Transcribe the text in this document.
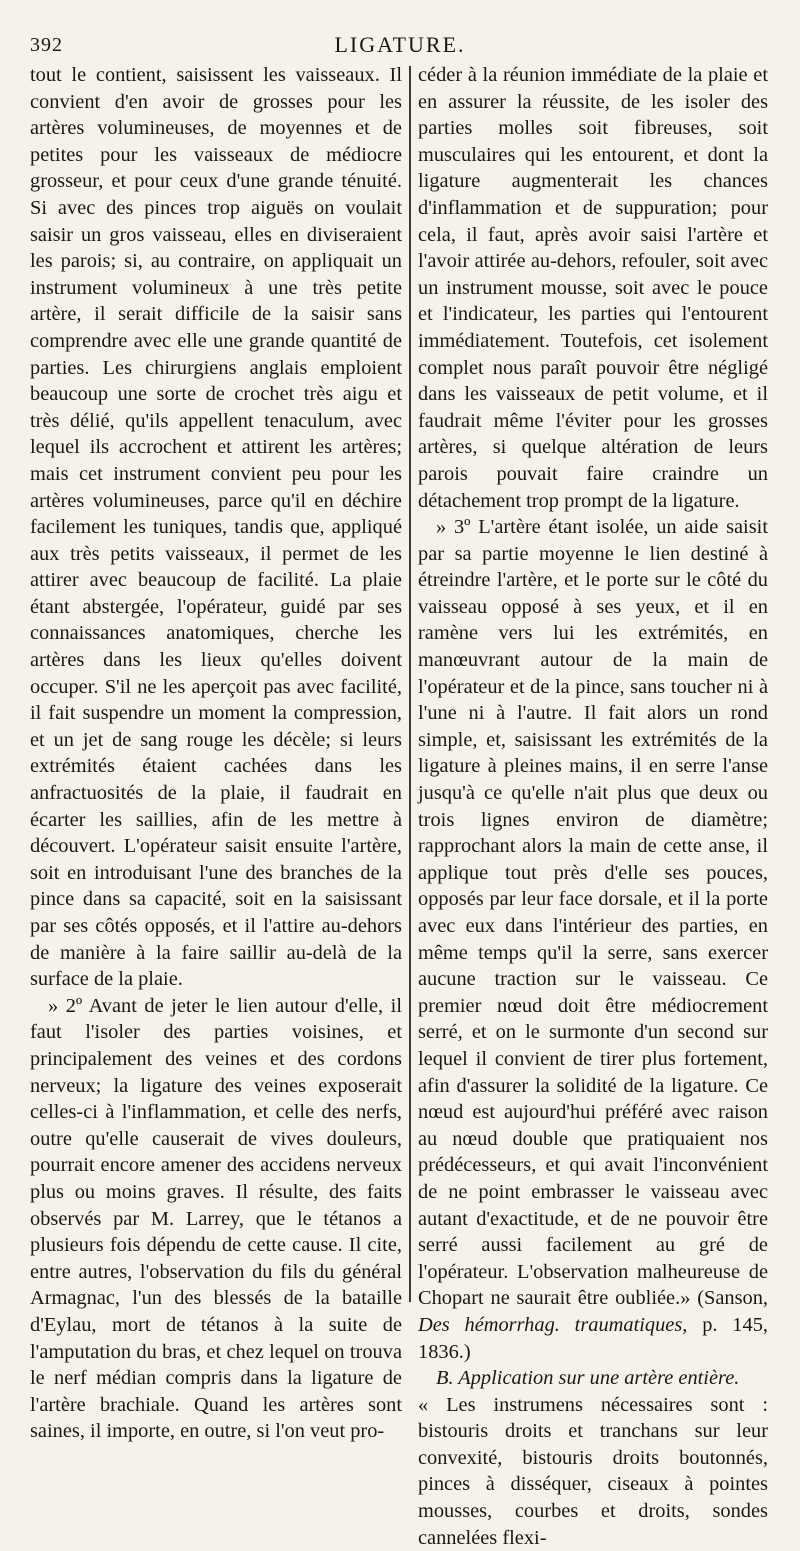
392	LIGATURE.

tout le contient, saisissent les vaisseaux. Il convient d'en avoir de grosses pour les artères volumineuses, de moyennes et de petites pour les vaisseaux de médiocre grosseur, et pour ceux d'une grande ténuité. Si avec des pinces trop aiguës on voulait saisir un gros vaisseau, elles en diviseraient les parois; si, au contraire, on appliquait un instrument volumineux à une très petite artère, il serait difficile de la saisir sans comprendre avec elle une grande quantité de parties. Les chirurgiens anglais emploient beaucoup une sorte de crochet très aigu et très délié, qu'ils appellent tenaculum, avec lequel ils accrochent et attirent les artères; mais cet instrument convient peu pour les artères volumineuses, parce qu'il en déchire facilement les tuniques, tandis que, appliqué aux très petits vaisseaux, il permet de les attirer avec beaucoup de facilité. La plaie étant abstergée, l'opérateur, guidé par ses connaissances anatomiques, cherche les artères dans les lieux qu'elles doivent occuper. S'il ne les aperçoit pas avec facilité, il fait suspendre un moment la compression, et un jet de sang rouge les décèle; si leurs extrémités étaient cachées dans les anfractuosités de la plaie, il faudrait en écarter les saillies, afin de les mettre à découvert. L'opérateur saisit ensuite l'artère, soit en introduisant l'une des branches de la pince dans sa capacité, soit en la saisissant par ses côtés opposés, et il l'attire au-dehors de manière à la faire saillir au-delà de la surface de la plaie.

» 2º Avant de jeter le lien autour d'elle, il faut l'isoler des parties voisines, et principalement des veines et des cordons nerveux; la ligature des veines exposerait celles-ci à l'inflammation, et celle des nerfs, outre qu'elle causerait de vives douleurs, pourrait encore amener des accidens nerveux plus ou moins graves. Il résulte, des faits observés par M. Larrey, que le tétanos a plusieurs fois dépendu de cette cause. Il cite, entre autres, l'observation du fils du général Armagnac, l'un des blessés de la bataille d'Eylau, mort de tétanos à la suite de l'amputation du bras, et chez lequel on trouva le nerf médian compris dans la ligature de l'artère brachiale. Quand les artères sont saines, il importe, en outre, si l'on veut pro-

céder à la réunion immédiate de la plaie et en assurer la réussite, de les isoler des parties molles soit fibreuses, soit musculaires qui les entourent, et dont la ligature augmenterait les chances d'inflammation et de suppuration; pour cela, il faut, après avoir saisi l'artère et l'avoir attirée au-dehors, refouler, soit avec un instrument mousse, soit avec le pouce et l'indicateur, les parties qui l'entourent immédiatement. Toutefois, cet isolement complet nous paraît pouvoir être négligé dans les vaisseaux de petit volume, et il faudrait même l'éviter pour les grosses artères, si quelque altération de leurs parois pouvait faire craindre un détachement trop prompt de la ligature.

» 3º L'artère étant isolée, un aide saisit par sa partie moyenne le lien destiné à étreindre l'artère, et le porte sur le côté du vaisseau opposé à ses yeux, et il en ramène vers lui les extrémités, en manœuvrant autour de la main de l'opérateur et de la pince, sans toucher ni à l'une ni à l'autre. Il fait alors un rond simple, et, saisissant les extrémités de la ligature à pleines mains, il en serre l'anse jusqu'à ce qu'elle n'ait plus que deux ou trois lignes environ de diamètre; rapprochant alors la main de cette anse, il applique tout près d'elle ses pouces, opposés par leur face dorsale, et il la porte avec eux dans l'intérieur des parties, en même temps qu'il la serre, sans exercer aucune traction sur le vaisseau. Ce premier nœud doit être médiocrement serré, et on le surmonte d'un second sur lequel il convient de tirer plus fortement, afin d'assurer la solidité de la ligature. Ce nœud est aujourd'hui préféré avec raison au nœud double que pratiquaient nos prédécesseurs, et qui avait l'inconvénient de ne point embrasser le vaisseau avec autant d'exactitude, et de ne pouvoir être serré aussi facilement au gré de l'opérateur. L'observation malheureuse de Chopart ne saurait être oubliée.» (Sanson, Des hémorrhag. traumatiques, p. 145, 1836.)

B. Application sur une artère entière.

« Les instrumens nécessaires sont : bistouris droits et tranchans sur leur convexité, bistouris droits boutonnés, pinces à disséquer, ciseaux à pointes mousses, courbes et droits, sondes cannelées flexi-
